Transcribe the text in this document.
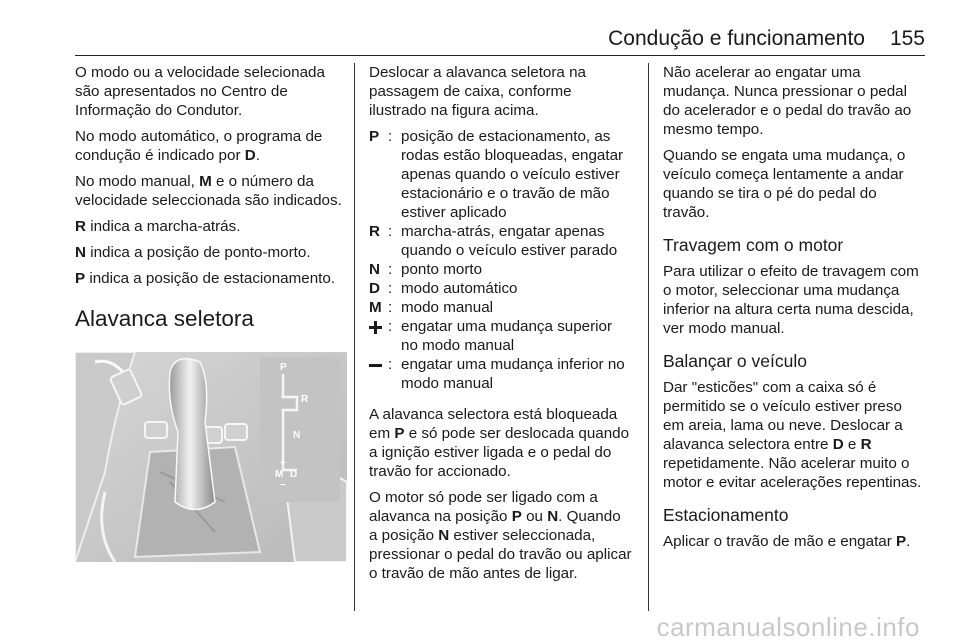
Condução e funcionamento 155

O modo ou a velocidade selecionada são apresentados no Centro de Informação do Condutor.

No modo automático, o programa de condução é indicado por D.

No modo manual, M e o número da velocidade seleccionada são indicados.

R indica a marcha-atrás.

N indica a posição de ponto-morto.

P indica a posição de estacionamento.

Alavanca seletora
P
R
N
+
M D
−

Deslocar a alavanca seletora na passagem de caixa, conforme ilustrado na figura acima.

P : posição de estacionamento, as rodas estão bloqueadas, engatar apenas quando o veículo estiver estacionário e o travão de mão estiver aplicado
R : marcha-atrás, engatar apenas quando o veículo estiver parado
N : ponto morto
D : modo automático
M : modo manual
: engatar uma mudança superior no modo manual
: engatar uma mudança inferior no modo manual

A alavanca selectora está bloqueada em P e só pode ser deslocada quando a ignição estiver ligada e o pedal do travão for accionado.

O motor só pode ser ligado com a alavanca na posição P ou N. Quando a posição N estiver seleccionada, pressionar o pedal do travão ou aplicar o travão de mão antes de ligar.

Não acelerar ao engatar uma mudança. Nunca pressionar o pedal do acelerador e o pedal do travão ao mesmo tempo.

Quando se engata uma mudança, o veículo começa lentamente a andar quando se tira o pé do pedal do travão.

Travagem com o motor

Para utilizar o efeito de travagem com o motor, seleccionar uma mudança inferior na altura certa numa descida, ver modo manual.

Balançar o veículo

Dar "esticões" com a caixa só é permitido se o veículo estiver preso em areia, lama ou neve. Deslocar a alavanca selectora entre D e R repetidamente. Não acelerar muito o motor e evitar acelerações repentinas.

Estacionamento

Aplicar o travão de mão e engatar P.

carmanualsonline.info
